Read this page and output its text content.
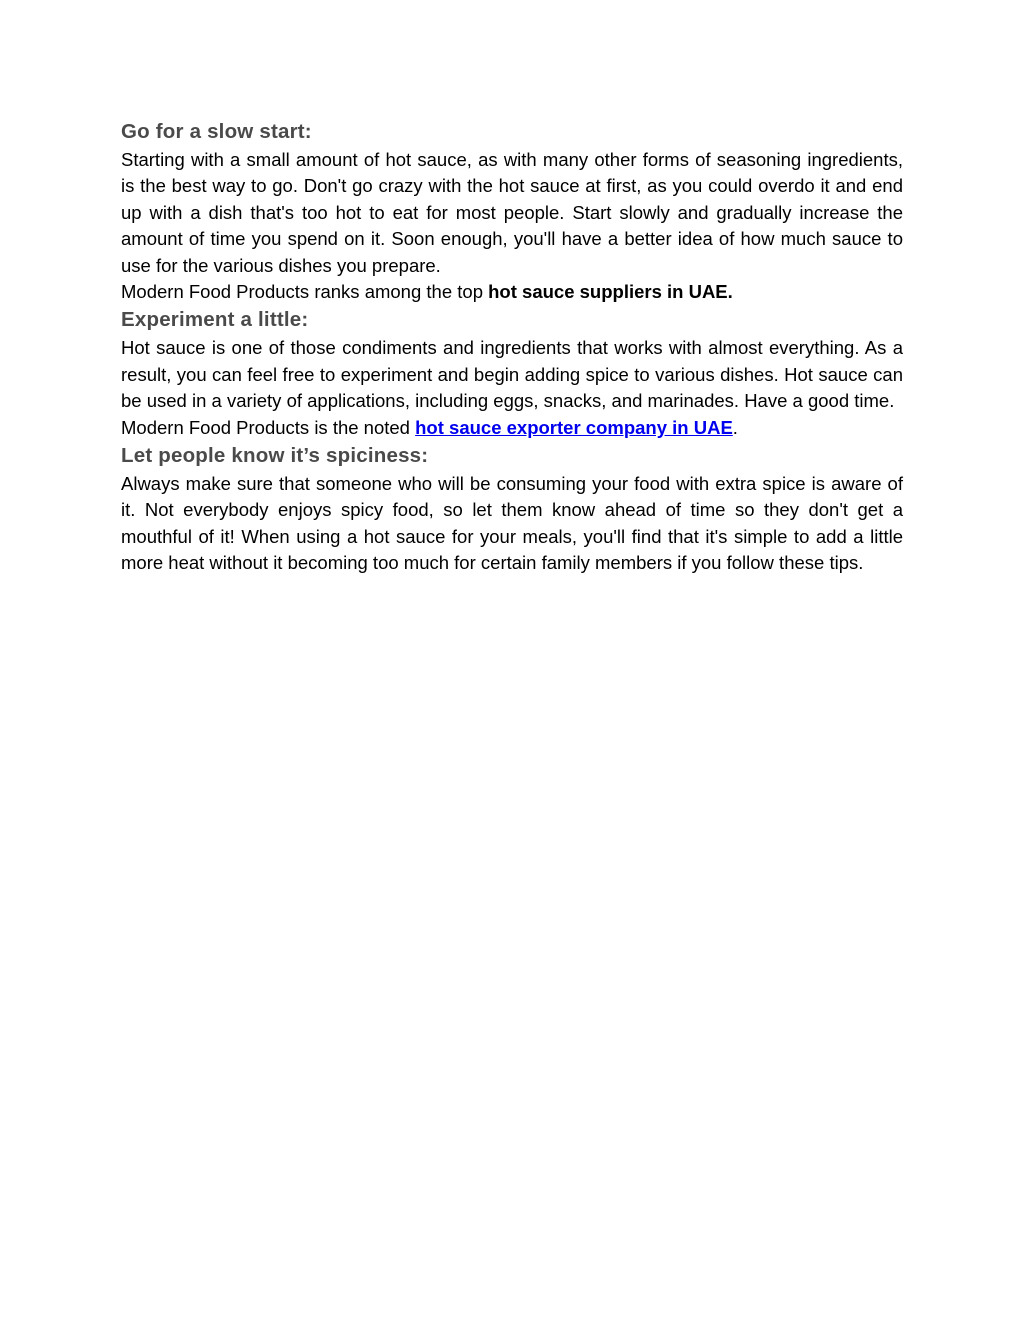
Go for a slow start:

Starting with a small amount of hot sauce, as with many other forms of seasoning ingredients, is the best way to go. Don't go crazy with the hot sauce at first, as you could overdo it and end up with a dish that's too hot to eat for most people. Start slowly and gradually increase the amount of time you spend on it. Soon enough, you'll have a better idea of how much sauce to use for the various dishes you prepare.

Modern Food Products ranks among the top hot sauce suppliers in UAE.

Experiment a little:

Hot sauce is one of those condiments and ingredients that works with almost everything. As a result, you can feel free to experiment and begin adding spice to various dishes. Hot sauce can be used in a variety of applications, including eggs, snacks, and marinades. Have a good time.

Modern Food Products is the noted hot sauce exporter company in UAE.

Let people know it’s spiciness:

Always make sure that someone who will be consuming your food with extra spice is aware of it. Not everybody enjoys spicy food, so let them know ahead of time so they don't get a mouthful of it! When using a hot sauce for your meals, you'll find that it's simple to add a little more heat without it becoming too much for certain family members if you follow these tips.
